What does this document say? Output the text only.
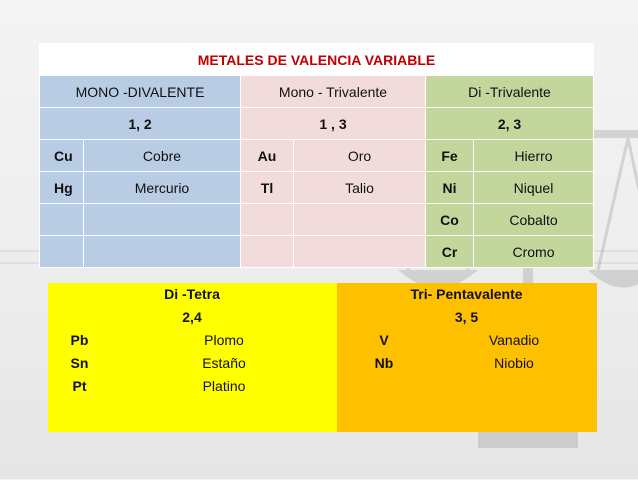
METALES DE VALENCIA VARIABLE					
MONO -DIVALENTE		Mono - Trivalente		Di -Trivalente	
1, 2		1 , 3		2, 3	
Cu	Cobre	Au	Oro	Fe	Hierro
Hg	Mercurio	Tl	Talio	Ni	Niquel
				Co	Cobalto
				Cr	Cromo
Di -Tetra		Tri- Pentavalente	
2,4		3, 5	
Pb	Plomo	V	Vanadio
Sn	Estaño	Nb	Niobio
Pt	Platino		
